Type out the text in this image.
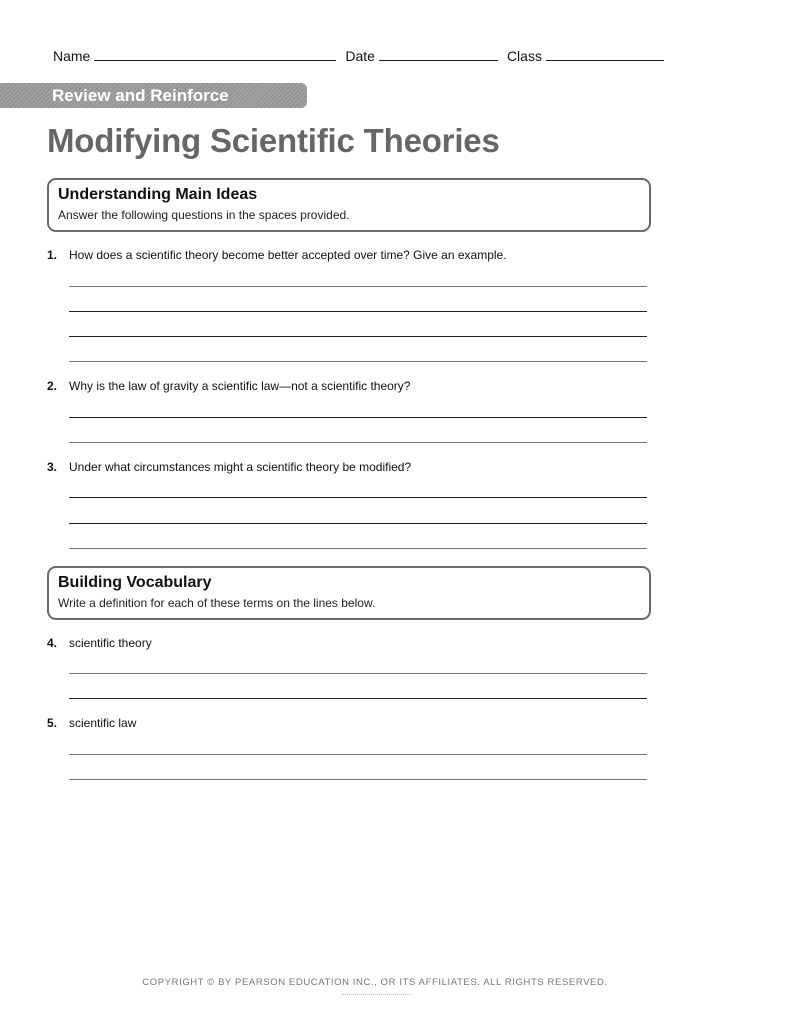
Name	Date	Class
Review and Reinforce
Modifying Scientific Theories
Understanding Main Ideas
Answer the following questions in the spaces provided.
1. How does a scientific theory become better accepted over time? Give an example.
2. Why is the law of gravity a scientific law—not a scientific theory?
3. Under what circumstances might a scientific theory be modified?
Building Vocabulary
Write a definition for each of these terms on the lines below.
4. scientific theory
5. scientific law
COPYRIGHT © BY PEARSON EDUCATION INC., OR ITS AFFILIATES. ALL RIGHTS RESERVED.
